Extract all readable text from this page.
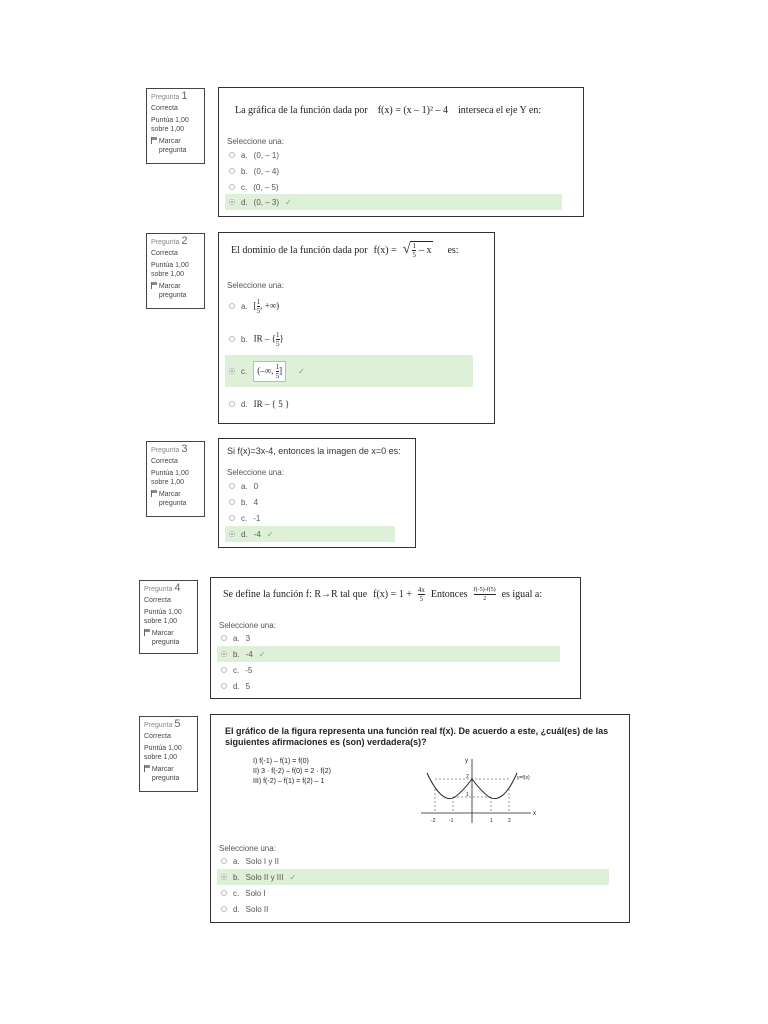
Pregunta 1
Correcta
Puntúa 1,00 sobre 1,00
Marcar pregunta
La gráfica de la función dada por f(x) = (x – 1)² – 4 interseca el eje Y en:
Seleccione una:
a. (0, – 1)
b. (0, – 4)
c. (0, – 5)
d. (0, – 3) ✓
Pregunta 2
Correcta
Puntúa 1,00 sobre 1,00
Marcar pregunta
El dominio de la función dada por f(x) = √ $\frac{1}{5}$ – x es:
Seleccione una:
a. [ $\frac{1}{5}$ , +∞)
b. IR – { $\frac{1}{5}$ }
c.	(–∞, $\frac{1}{5}$ ]	✓
d. IR – { 5 }
Pregunta 3
Correcta
Puntúa 1,00 sobre 1,00
Marcar pregunta
Si f(x)=3x-4, entonces la imagen de x=0 es:
Seleccione una:
a. 0
b. 4
c. -1
d. -4 ✓
Pregunta 4
Correcta
Puntúa 1,00 sobre 1,00
Marcar pregunta
Se define la función f: R→R tal que $f(x) = 1 + \frac{4x}{5}$ Entonces $\frac{f(-5)-f(5)}{2}$ es igual a:
Seleccione una:
a. 3
b. -4 ✓
c. -5
d. 5
Pregunta 5
Correcta
Puntúa 1,00 sobre 1,00
Marcar pregunta
El gráfico de la figura representa una función real f(x). De acuerdo a este, ¿cuál(es) de las siguientes afirmaciones es (son) verdadera(s)?
I) f(-1) – f(1) = f(0)
II) 3 · f(-2) – f(0) = 2 · f(2)
III) f(-2) – f(1) = f(2) – 1
y
x
y=f(x)
-2	-1	1	2
2
1
Seleccione una:
a. Solo I y II
b. Solo II y III ✓
c. Solo I
d. Solo II
